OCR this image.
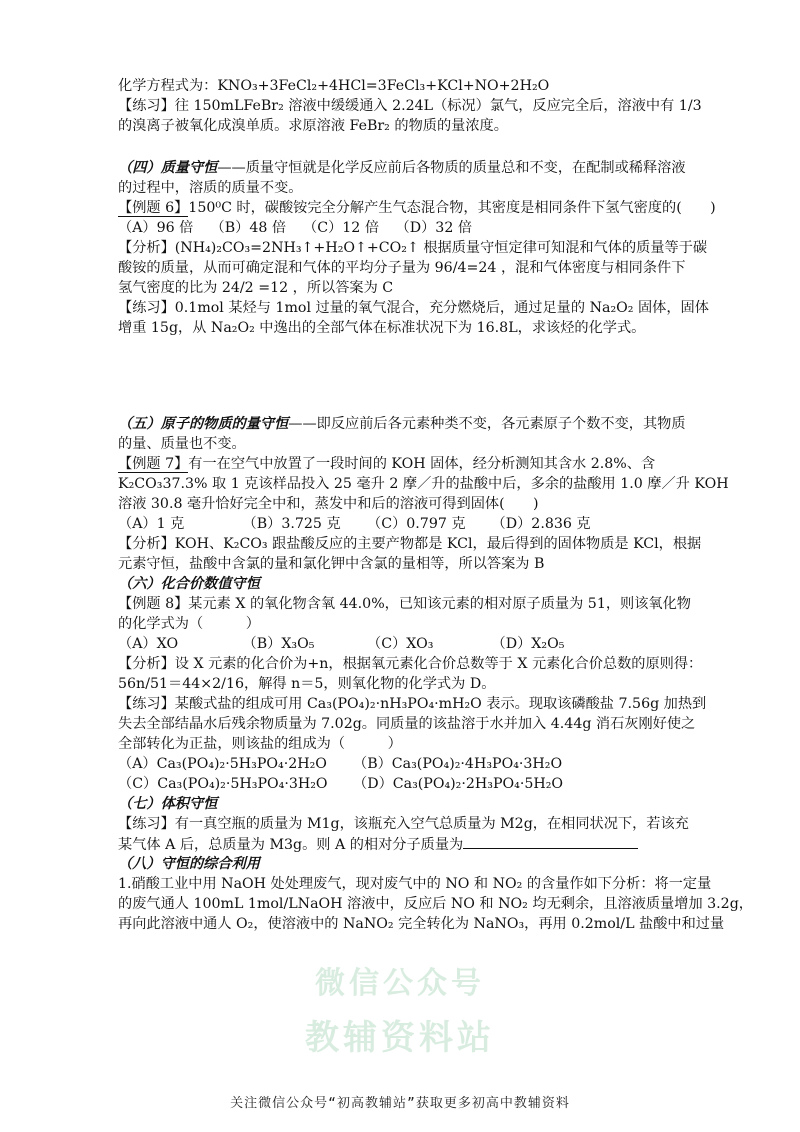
化学方程式为：KNO₃+3FeCl₂+4HCl=3FeCl₃+KCl+NO+2H₂O
【练习】往 150mLFeBr₂ 溶液中缓缓通入 2.24L（标况）氯气，反应完全后，溶液中有 1/3
的溴离子被氧化成溴单质。求原溶液 FeBr₂ 的物质的量浓度。
（四）质量守恒——质量守恒就是化学反应前后各物质的质量总和不变，在配制或稀释溶液
的过程中，溶质的质量不变。
【例题 6】150⁰C 时，碳酸铵完全分解产生气态混合物，其密度是相同条件下氢气密度的(　　)
（A）96 倍 （B）48 倍 （C）12 倍 （D）32 倍
【分析】(NH₄)₂CO₃=2NH₃↑+H₂O↑+CO₂↑ 根据质量守恒定律可知混和气体的质量等于碳
酸铵的质量，从而可确定混和气体的平均分子量为 96/4=24 ，混和气体密度与相同条件下
氢气密度的比为 24/2 =12 ，所以答案为 C
【练习】0.1mol 某烃与 1mol 过量的氧气混合，充分燃烧后，通过足量的 Na₂O₂ 固体，固体
增重 15g，从 Na₂O₂ 中逸出的全部气体在标准状况下为 16.8L，求该烃的化学式。
（五）原子的物质的量守恒——即反应前后各元素种类不变，各元素原子个数不变，其物质
的量、质量也不变。
【例题 7】有一在空气中放置了一段时间的 KOH 固体，经分析测知其含水 2.8%、含
K₂CO₃37.3% 取 1 克该样品投入 25 毫升 2 摩／升的盐酸中后，多余的盐酸用 1.0 摩／升 KOH
溶液 30.8 毫升恰好完全中和，蒸发中和后的溶液可得到固体(　　)
（A）1 克	（B）3.725 克 （C）0.797 克 （D）2.836 克
【分析】KOH、K₂CO₃ 跟盐酸反应的主要产物都是 KCl，最后得到的固体物质是 KCl，根据
元素守恒，盐酸中含氯的量和氯化钾中含氯的量相等，所以答案为 B
（六）化合价数值守恒
【例题 8】某元素 X 的氧化物含氧 44.0%，已知该元素的相对原子质量为 51，则该氧化物
的化学式为（　　　）
（A）XO	（B）X₃O₅	（C）XO₃	（D）X₂O₅
【分析】设 X 元素的化合价为+n，根据氧元素化合价总数等于 X 元素化合价总数的原则得：
56n/51＝44×2/16，解得 n＝5，则氧化物的化学式为 D。
【练习】某酸式盐的组成可用 Ca₃(PO₄)₂·nH₃PO₄·mH₂O 表示。现取该磷酸盐 7.56g 加热到
失去全部结晶水后残余物质量为 7.02g。同质量的该盐溶于水并加入 4.44g 消石灰刚好使之
全部转化为正盐，则该盐的组成为（　　　）
（A）Ca₃(PO₄)₂·5H₃PO₄·2H₂O （B）Ca₃(PO₄)₂·4H₃PO₄·3H₂O
（C）Ca₃(PO₄)₂·5H₃PO₄·3H₂O （D）Ca₃(PO₄)₂·2H₃PO₄·5H₂O
（七）体积守恒
【练习】有一真空瓶的质量为 M1g，该瓶充入空气总质量为 M2g，在相同状况下，若该充
某气体 A 后，总质量为 M3g。则 A 的相对分子质量为
（八）守恒的综合利用
1.硝酸工业中用 NaOH 处处理废气，现对废气中的 NO 和 NO₂ 的含量作如下分析：将一定量
的废气通人 100mL 1mol/LNaOH 溶液中，反应后 NO 和 NO₂ 均无剩余，且溶液质量增加 3.2g，
再向此溶液中通人 O₂，使溶液中的 NaNO₂ 完全转化为 NaNO₃，再用 0.2mol/L 盐酸中和过量
微信公众号
教辅资料站
关注微信公众号“初高教辅站”获取更多初高中教辅资料
